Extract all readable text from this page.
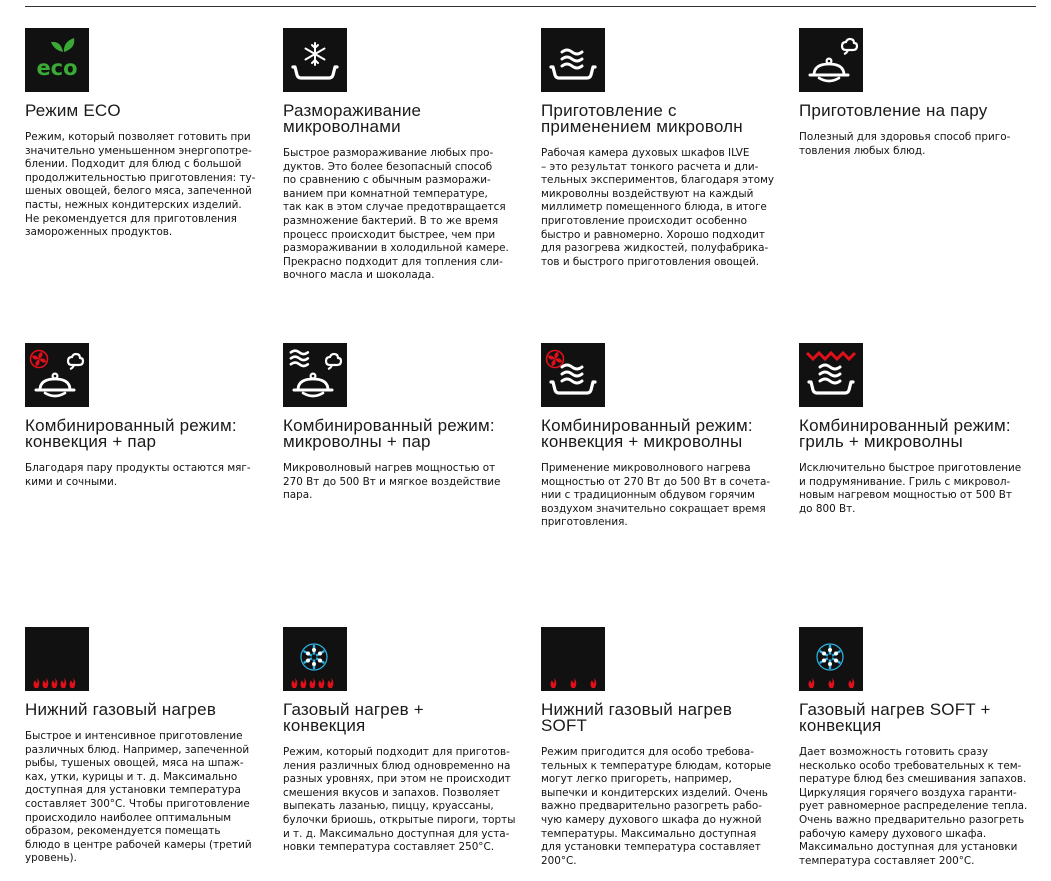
eco
Режим ECO
Режим, который позволяет готовить при
значительно уменьшенном энергопотре-
блении. Подходит для блюд с большой
продолжительностью приготовления: ту-
шеных овощей, белого мяса, запеченной
пасты, нежных кондитерских изделий.
Не рекомендуется для приготовления
замороженных продуктов.
Размораживание
микроволнами
Быстрое размораживание любых про-
дуктов. Это более безопасный способ
по сравнению с обычным разморажи-
ванием при комнатной температуре,
так как в этом случае предотвращается
размножение бактерий. В то же время
процесс происходит быстрее, чем при
размораживании в холодильной камере.
Прекрасно подходит для топления сли-
вочного масла и шоколада.
Приготовление с
применением микроволн
Рабочая камера духовых шкафов ILVE
– это результат тонкого расчета и дли-
тельных экспериментов, благодаря этому
микроволны воздействуют на каждый
миллиметр помещенного блюда, в итоге
приготовление происходит особенно
быстро и равномерно. Хорошо подходит
для разогрева жидкостей, полуфабрика-
тов и быстрого приготовления овощей.
Приготовление на пару
Полезный для здоровья способ приго-
товления любых блюд.
Комбинированный режим:
конвекция + пар
Благодаря пару продукты остаются мяг-
кими и сочными.
Комбинированный режим:
микроволны + пар
Микроволновый нагрев мощностью от
270 Вт до 500 Вт и мягкое воздействие
пара.
Комбинированный режим:
конвекция + микроволны
Применение микроволнового нагрева
мощностью от 270 Вт до 500 Вт в сочета-
нии с традиционным обдувом горячим
воздухом значительно сокращает время
приготовления.
Комбинированный режим:
гриль + микроволны
Исключительно быстрое приготовление
и подрумянивание. Гриль с микровол-
новым нагревом мощностью от 500 Вт
до 800 Вт.
Нижний газовый нагрев
Быстрое и интенсивное приготовление
различных блюд. Например, запеченной
рыбы, тушеных овощей, мяса на шпаж-
ках, утки, курицы и т. д. Максимально
доступная для установки температура
составляет 300°C. Чтобы приготовление
происходило наиболее оптимальным
образом, рекомендуется помещать
блюдо в центре рабочей камеры (третий
уровень).
Газовый нагрев +
конвекция
Режим, который подходит для приготов-
ления различных блюд одновременно на
разных уровнях, при этом не происходит
смешения вкусов и запахов. Позволяет
выпекать лазанью, пиццу, круассаны,
булочки бриошь, открытые пироги, торты
и т. д. Максимально доступная для уста-
новки температура составляет 250°C.
Нижний газовый нагрев
SOFT
Режим пригодится для особо требова-
тельных к температуре блюдам, которые
могут легко пригореть, например,
выпечки и кондитерских изделий. Очень
важно предварительно разогреть рабо-
чую камеру духового шкафа до нужной
температуры. Максимально доступная
для установки температура составляет
200°C.
Газовый нагрев SOFT +
конвекция
Дает возможность готовить сразу
несколько особо требовательных к тем-
пературе блюд без смешивания запахов.
Циркуляция горячего воздуха гаранти-
рует равномерное распределение тепла.
Очень важно предварительно разогреть
рабочую камеру духового шкафа.
Максимально доступная для установки
температура составляет 200°C.
